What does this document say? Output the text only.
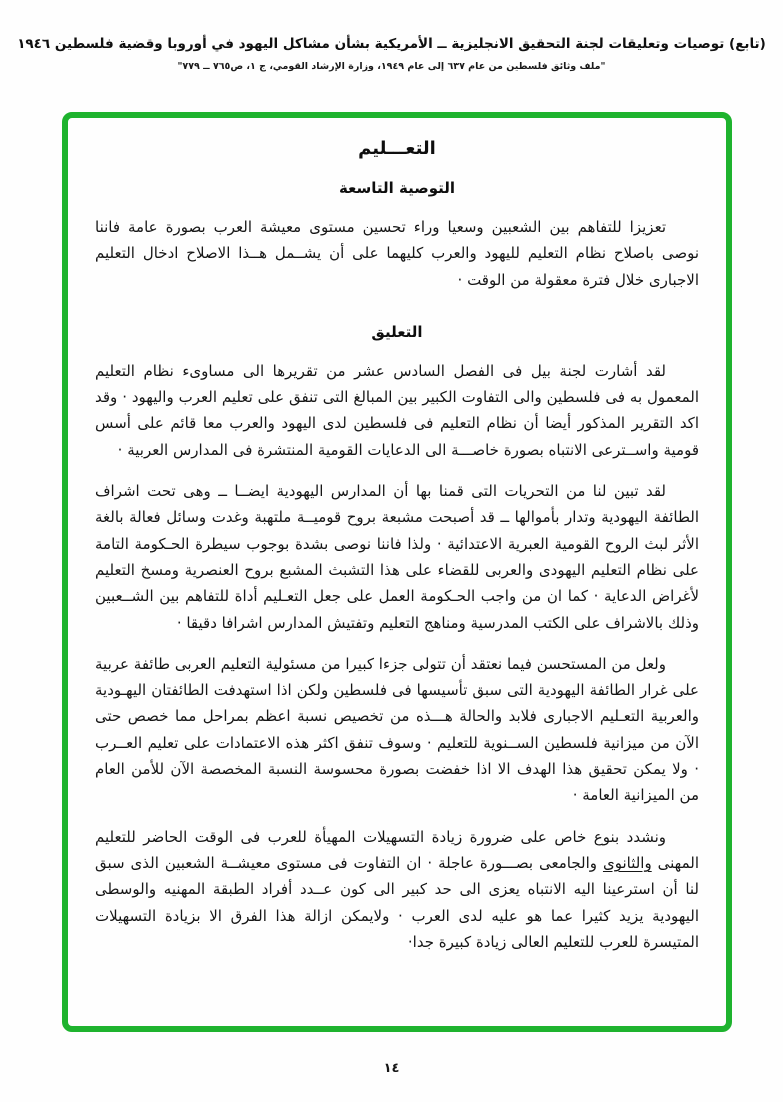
(تابع) توصيات وتعليقات لجنة التحقيق الانجليزية ــ الأمريكية بشأن مشاكل اليهود في أوروبا وقضية فلسطين ١٩٤٦
"ملف وثائق فلسطين من عام ٦٣٧ إلى عام ١٩٤٩، وزارة الإرشاد القومي، ج ١، ص٧٦٥ ــ ٧٧٩"
التعـــليم
التوصية التاسعة

تعزيزا للتفاهم بين الشعبين وسعيا وراء تحسين مستوى معيشة العرب بصورة عامة فاننا نوصى باصلاح نظام التعليم لليهود والعرب كليهما على أن يشــمل هــذا الاصلاح ادخال التعليم الاجبارى خلال فترة معقولة من الوقت ·

التعليق

لقد أشارت لجنة بيل فى الفصل السادس عشر من تقريرها الى مساوىء نظام التعليم المعمول به فى فلسطين والى التفاوت الكبير بين المبالغ التى تنفق على تعليم العرب واليهود · وقد اكد التقرير المذكور أيضا أن نظام التعليم فى فلسطين لدى اليهود والعرب معا قائم على أسس قومية واســترعى الانتباه بصورة خاصـــة الى الدعايات القومية المنتشرة فى المدارس العربية ·

لقد تبين لنا من التحريات التى قمنا بها أن المدارس اليهودية ايضــا ــ وهى تحت اشراف الطائفة اليهودية وتدار بأموالها ــ قد أصبحت مشبعة بروح قوميــة ملتهبة وغدت وسائل فعالة بالغة الأثر لبث الروح القومية العبرية الاعتدائية · ولذا فاننا نوصى بشدة بوجوب سيطرة الحـكومة التامة على نظام التعليم اليهودى والعربى للقضاء على هذا التشبث المشبع بروح العنصرية ومسخ التعليم لأغراض الدعاية · كما ان من واجب الحـكومة العمل على جعل التعـليم أداة للتفاهم بين الشــعبين وذلك بالاشراف على الكتب المدرسية ومناهج التعليم وتفتيش المدارس اشرافا دقيقا ·

ولعل من المستحسن فيما نعتقد أن تتولى جزءا كبيرا من مسئولية التعليم العربى طائفة عربية على غرار الطائفة اليهودية التى سبق تأسيسها فى فلسطين ولكن اذا استهدفت الطائفتان اليهـودية والعربية التعـليم الاجبارى فلابد والحالة هـــذه من تخصيص نسبة اعظم بمراحل مما خصص حتى الآن من ميزانية فلسطين الســنوية للتعليم · وسوف تنفق اكثر هذه الاعتمادات على تعليم العــرب · ولا يمكن تحقيق هذا الهدف الا اذا خفضت بصورة محسوسة النسبة المخصصة الآن للأمن العام من الميزانية العامة ·

ونشدد بنوع خاص على ضرورة زيادة التسهيلات المهيأة للعرب فى الوقت الحاضر للتعليم المهنى والثانوى والجامعى بصـــورة عاجلة · ان التفاوت فى مستوى معيشــة الشعبين الذى سبق لنا أن استرعينا اليه الانتباه يعزى الى حد كبير الى كون عــدد أفراد الطبقة المهنيه والوسطى اليهودية يزيد كثيرا عما هو عليه لدى العرب · ولايمكن ازالة هذا الفرق الا بزيادة التسهيلات المتيسرة للعرب للتعليم العالى زيادة كبيرة جدا·

١٤
